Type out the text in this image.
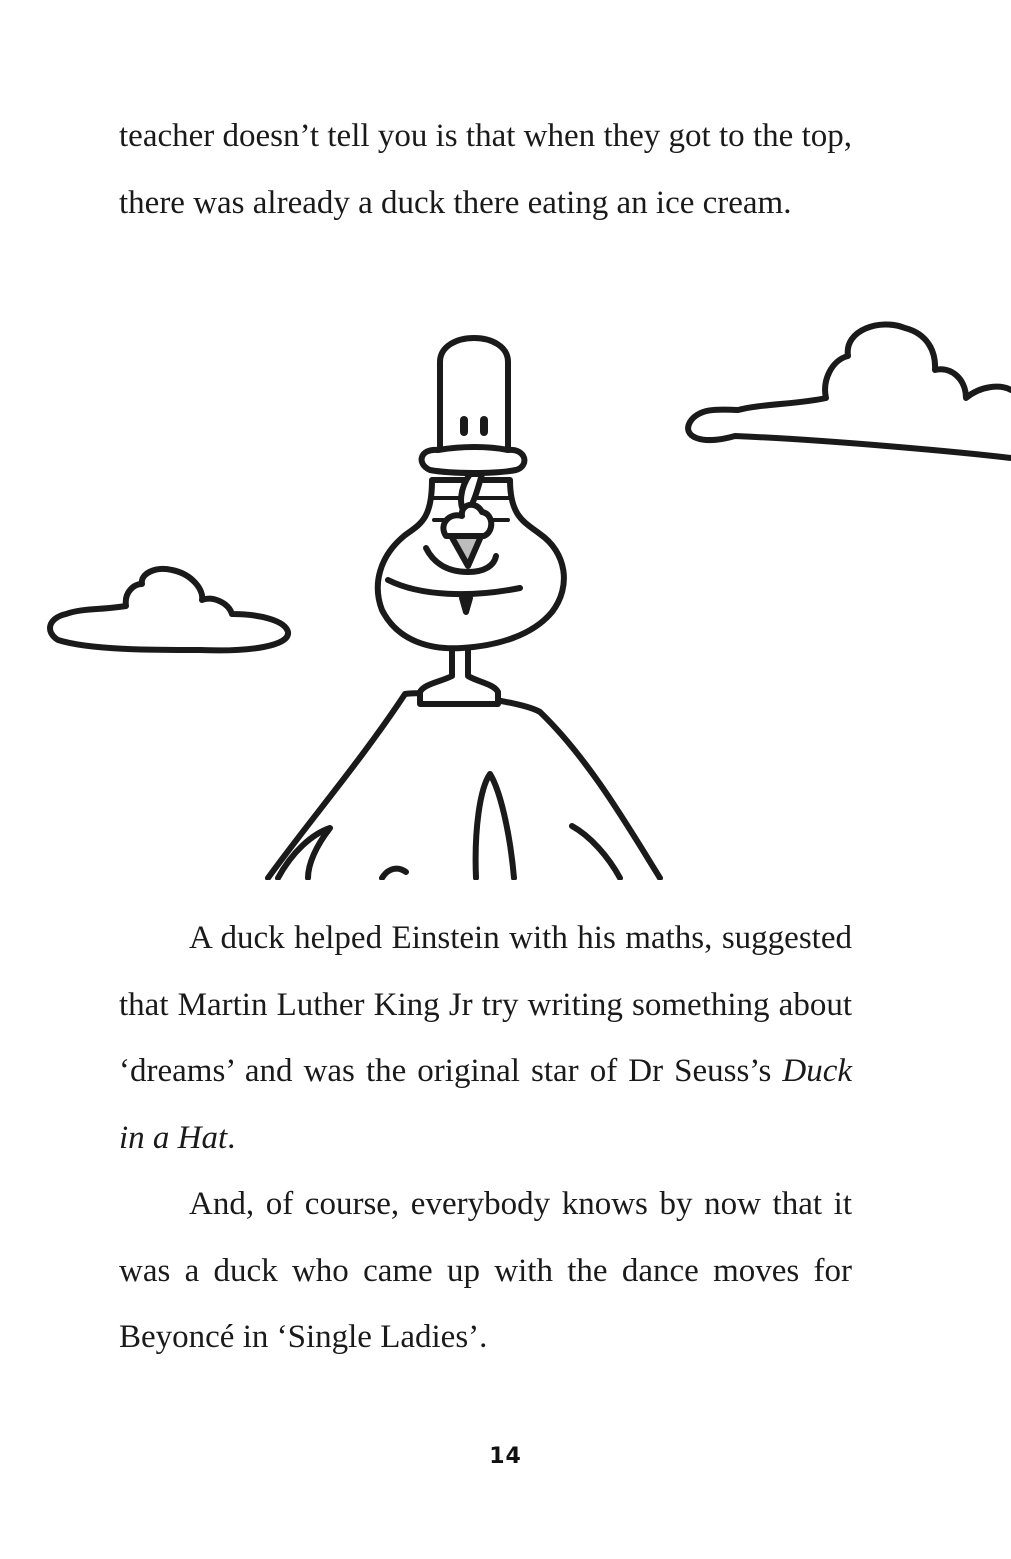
teacher doesn’t tell you is that when they got to the top, there was already a duck there eating an ice cream.

A duck helped Einstein with his maths, suggested that Martin Luther King Jr try writing something about ‘dreams’ and was the original star of Dr Seuss’s Duck in a Hat.

And, of course, everybody knows by now that it was a duck who came up with the dance moves for Beyoncé in ‘Single Ladies’.

14
